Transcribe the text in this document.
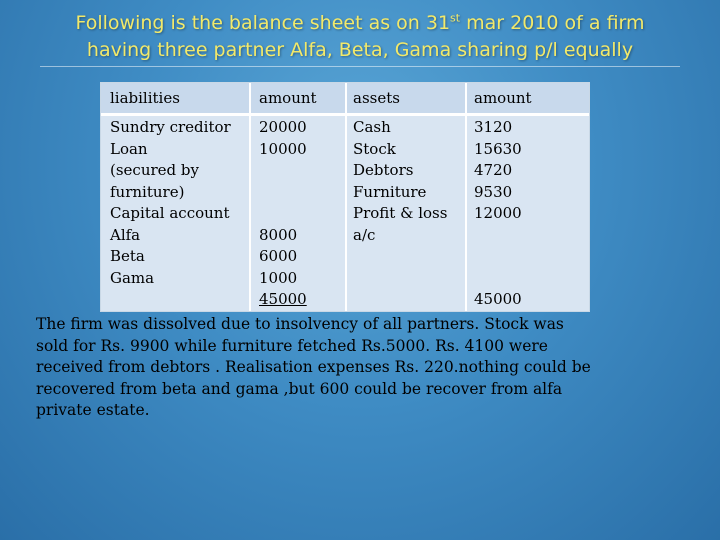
Following is the balance sheet as on 31st mar 2010 of a firm
having three partner Alfa, Beta, Gama sharing p/l equally
liabilities	amount assets	amount
Sundry creditor
Loan
(secured by
furniture)
Capital account
Alfa
Beta
Gama
20000
10000
8000
6000
1000
45000
Cash
Stock
Debtors
Furniture
Profit & loss
a/c
3120
15630
4720
9530
12000
45000
The firm was dissolved due to insolvency of all partners. Stock was
sold for Rs. 9900 while furniture fetched Rs.5000. Rs. 4100 were
received from debtors . Realisation expenses Rs. 220.nothing could be
recovered from beta and gama ,but 600 could be recover from alfa
private estate.
